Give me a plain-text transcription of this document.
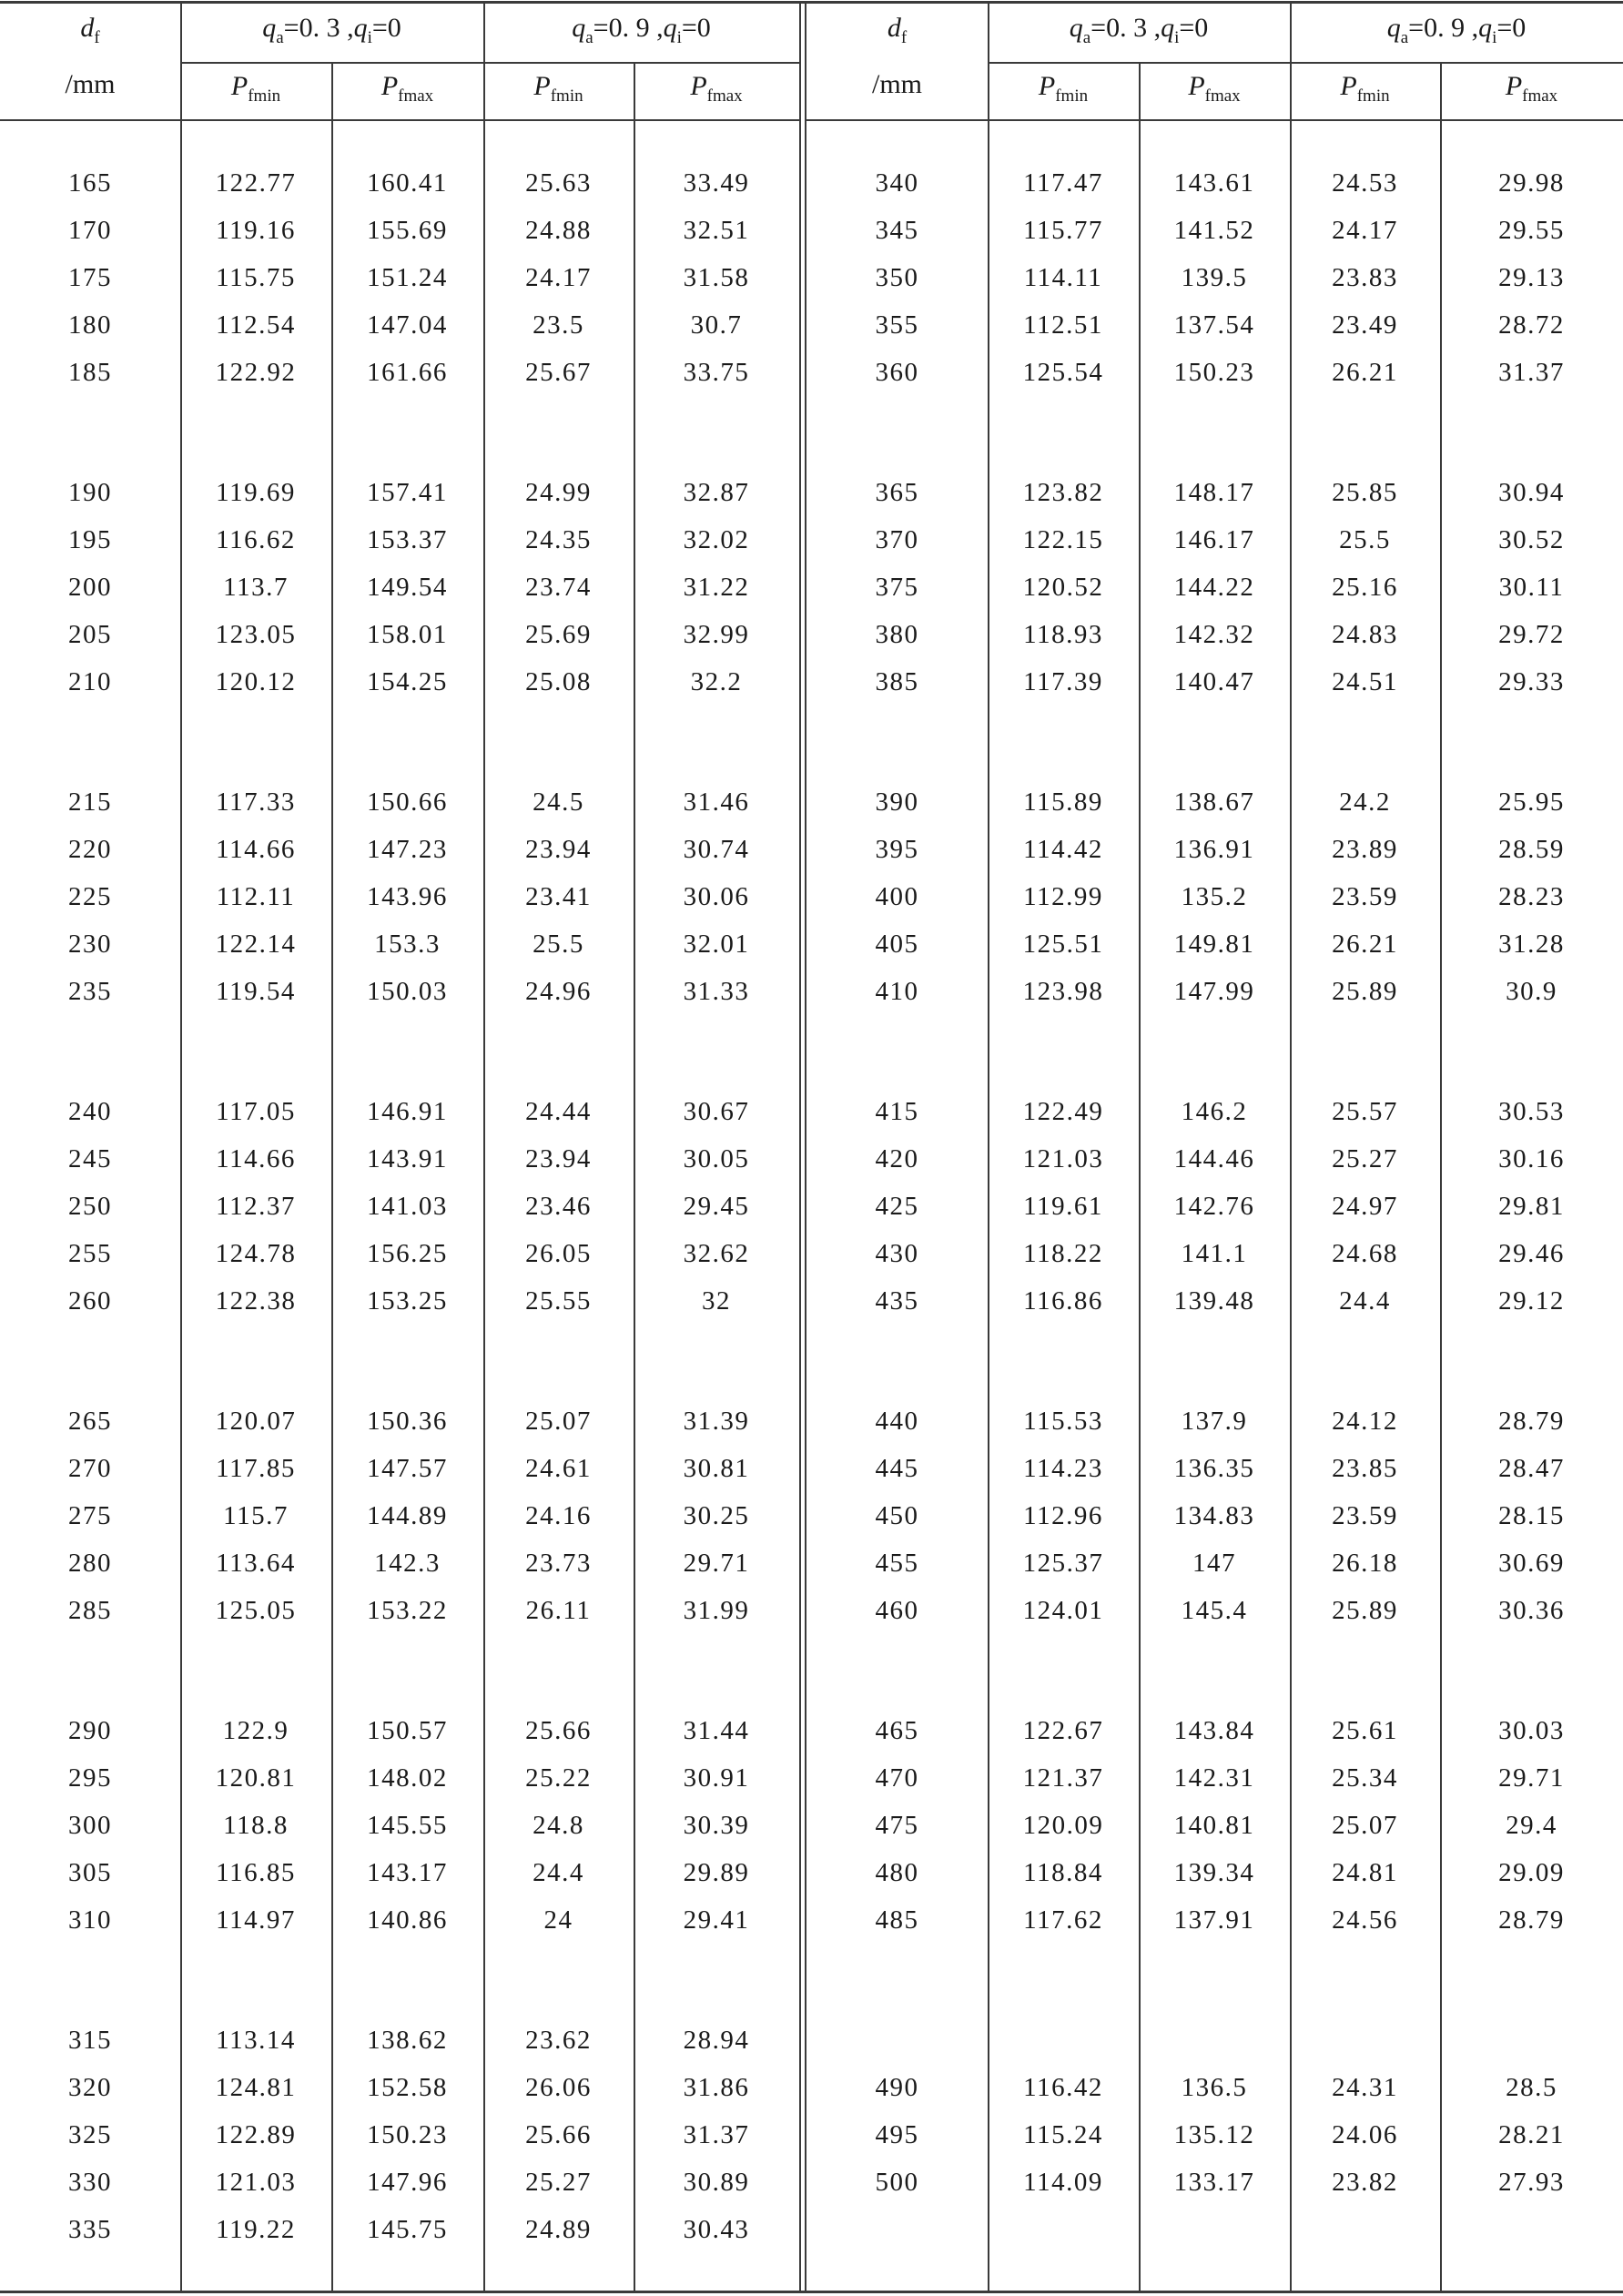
$d_f$
/mm
$q_a=0$. 3 $,q_i=0$	$q_a=0$. 9 $,q_i=0$
$P_{fmin}$	$P_{fmax}$	$P_{fmin}$	$P_{fmax}$
$d_f$
/mm
$q_a=0$. 3 $,q_i=0$	$q_a=0$. 9 $,q_i=0$
$P_{fmin}$	$P_{fmax}$	$P_{fmin}$	$P_{fmax}$
165	122.77	160.41	25.63	33.49
170	119.16	155.69	24.88	32.51
175	115.75	151.24	24.17	31.58
180	112.54	147.04	23.5	30.7
185	122.92	161.66	25.67	33.75
190	119.69	157.41	24.99	32.87
195	116.62	153.37	24.35	32.02
200	113.7	149.54	23.74	31.22
205	123.05	158.01	25.69	32.99
210	120.12	154.25	25.08	32.2
215	117.33	150.66	24.5	31.46
220	114.66	147.23	23.94	30.74
225	112.11	143.96	23.41	30.06
230	122.14	153.3	25.5	32.01
235	119.54	150.03	24.96	31.33
240	117.05	146.91	24.44	30.67
245	114.66	143.91	23.94	30.05
250	112.37	141.03	23.46	29.45
255	124.78	156.25	26.05	32.62
260	122.38	153.25	25.55	32
265	120.07	150.36	25.07	31.39
270	117.85	147.57	24.61	30.81
275	115.7	144.89	24.16	30.25
280	113.64	142.3	23.73	29.71
285	125.05	153.22	26.11	31.99
290	122.9	150.57	25.66	31.44
295	120.81	148.02	25.22	30.91
300	118.8	145.55	24.8	30.39
305	116.85	143.17	24.4	29.89
310	114.97	140.86	24	29.41
315	113.14	138.62	23.62	28.94
320	124.81	152.58	26.06	31.86
325	122.89	150.23	25.66	31.37
330	121.03	147.96	25.27	30.89
335	119.22	145.75	24.89	30.43
340	117.47	143.61	24.53	29.98
345	115.77	141.52	24.17	29.55
350	114.11	139.5	23.83	29.13
355	112.51	137.54	23.49	28.72
360	125.54	150.23	26.21	31.37
365	123.82	148.17	25.85	30.94
370	122.15	146.17	25.5	30.52
375	120.52	144.22	25.16	30.11
380	118.93	142.32	24.83	29.72
385	117.39	140.47	24.51	29.33
390	115.89	138.67	24.2	25.95
395	114.42	136.91	23.89	28.59
400	112.99	135.2	23.59	28.23
405	125.51	149.81	26.21	31.28
410	123.98	147.99	25.89	30.9
415	122.49	146.2	25.57	30.53
420	121.03	144.46	25.27	30.16
425	119.61	142.76	24.97	29.81
430	118.22	141.1	24.68	29.46
435	116.86	139.48	24.4	29.12
440	115.53	137.9	24.12	28.79
445	114.23	136.35	23.85	28.47
450	112.96	134.83	23.59	28.15
455	125.37	147	26.18	30.69
460	124.01	145.4	25.89	30.36
465	122.67	143.84	25.61	30.03
470	121.37	142.31	25.34	29.71
475	120.09	140.81	25.07	29.4
480	118.84	139.34	24.81	29.09
485	117.62	137.91	24.56	28.79
490	116.42	136.5	24.31	28.5
495	115.24	135.12	24.06	28.21
500	114.09	133.17	23.82	27.93
